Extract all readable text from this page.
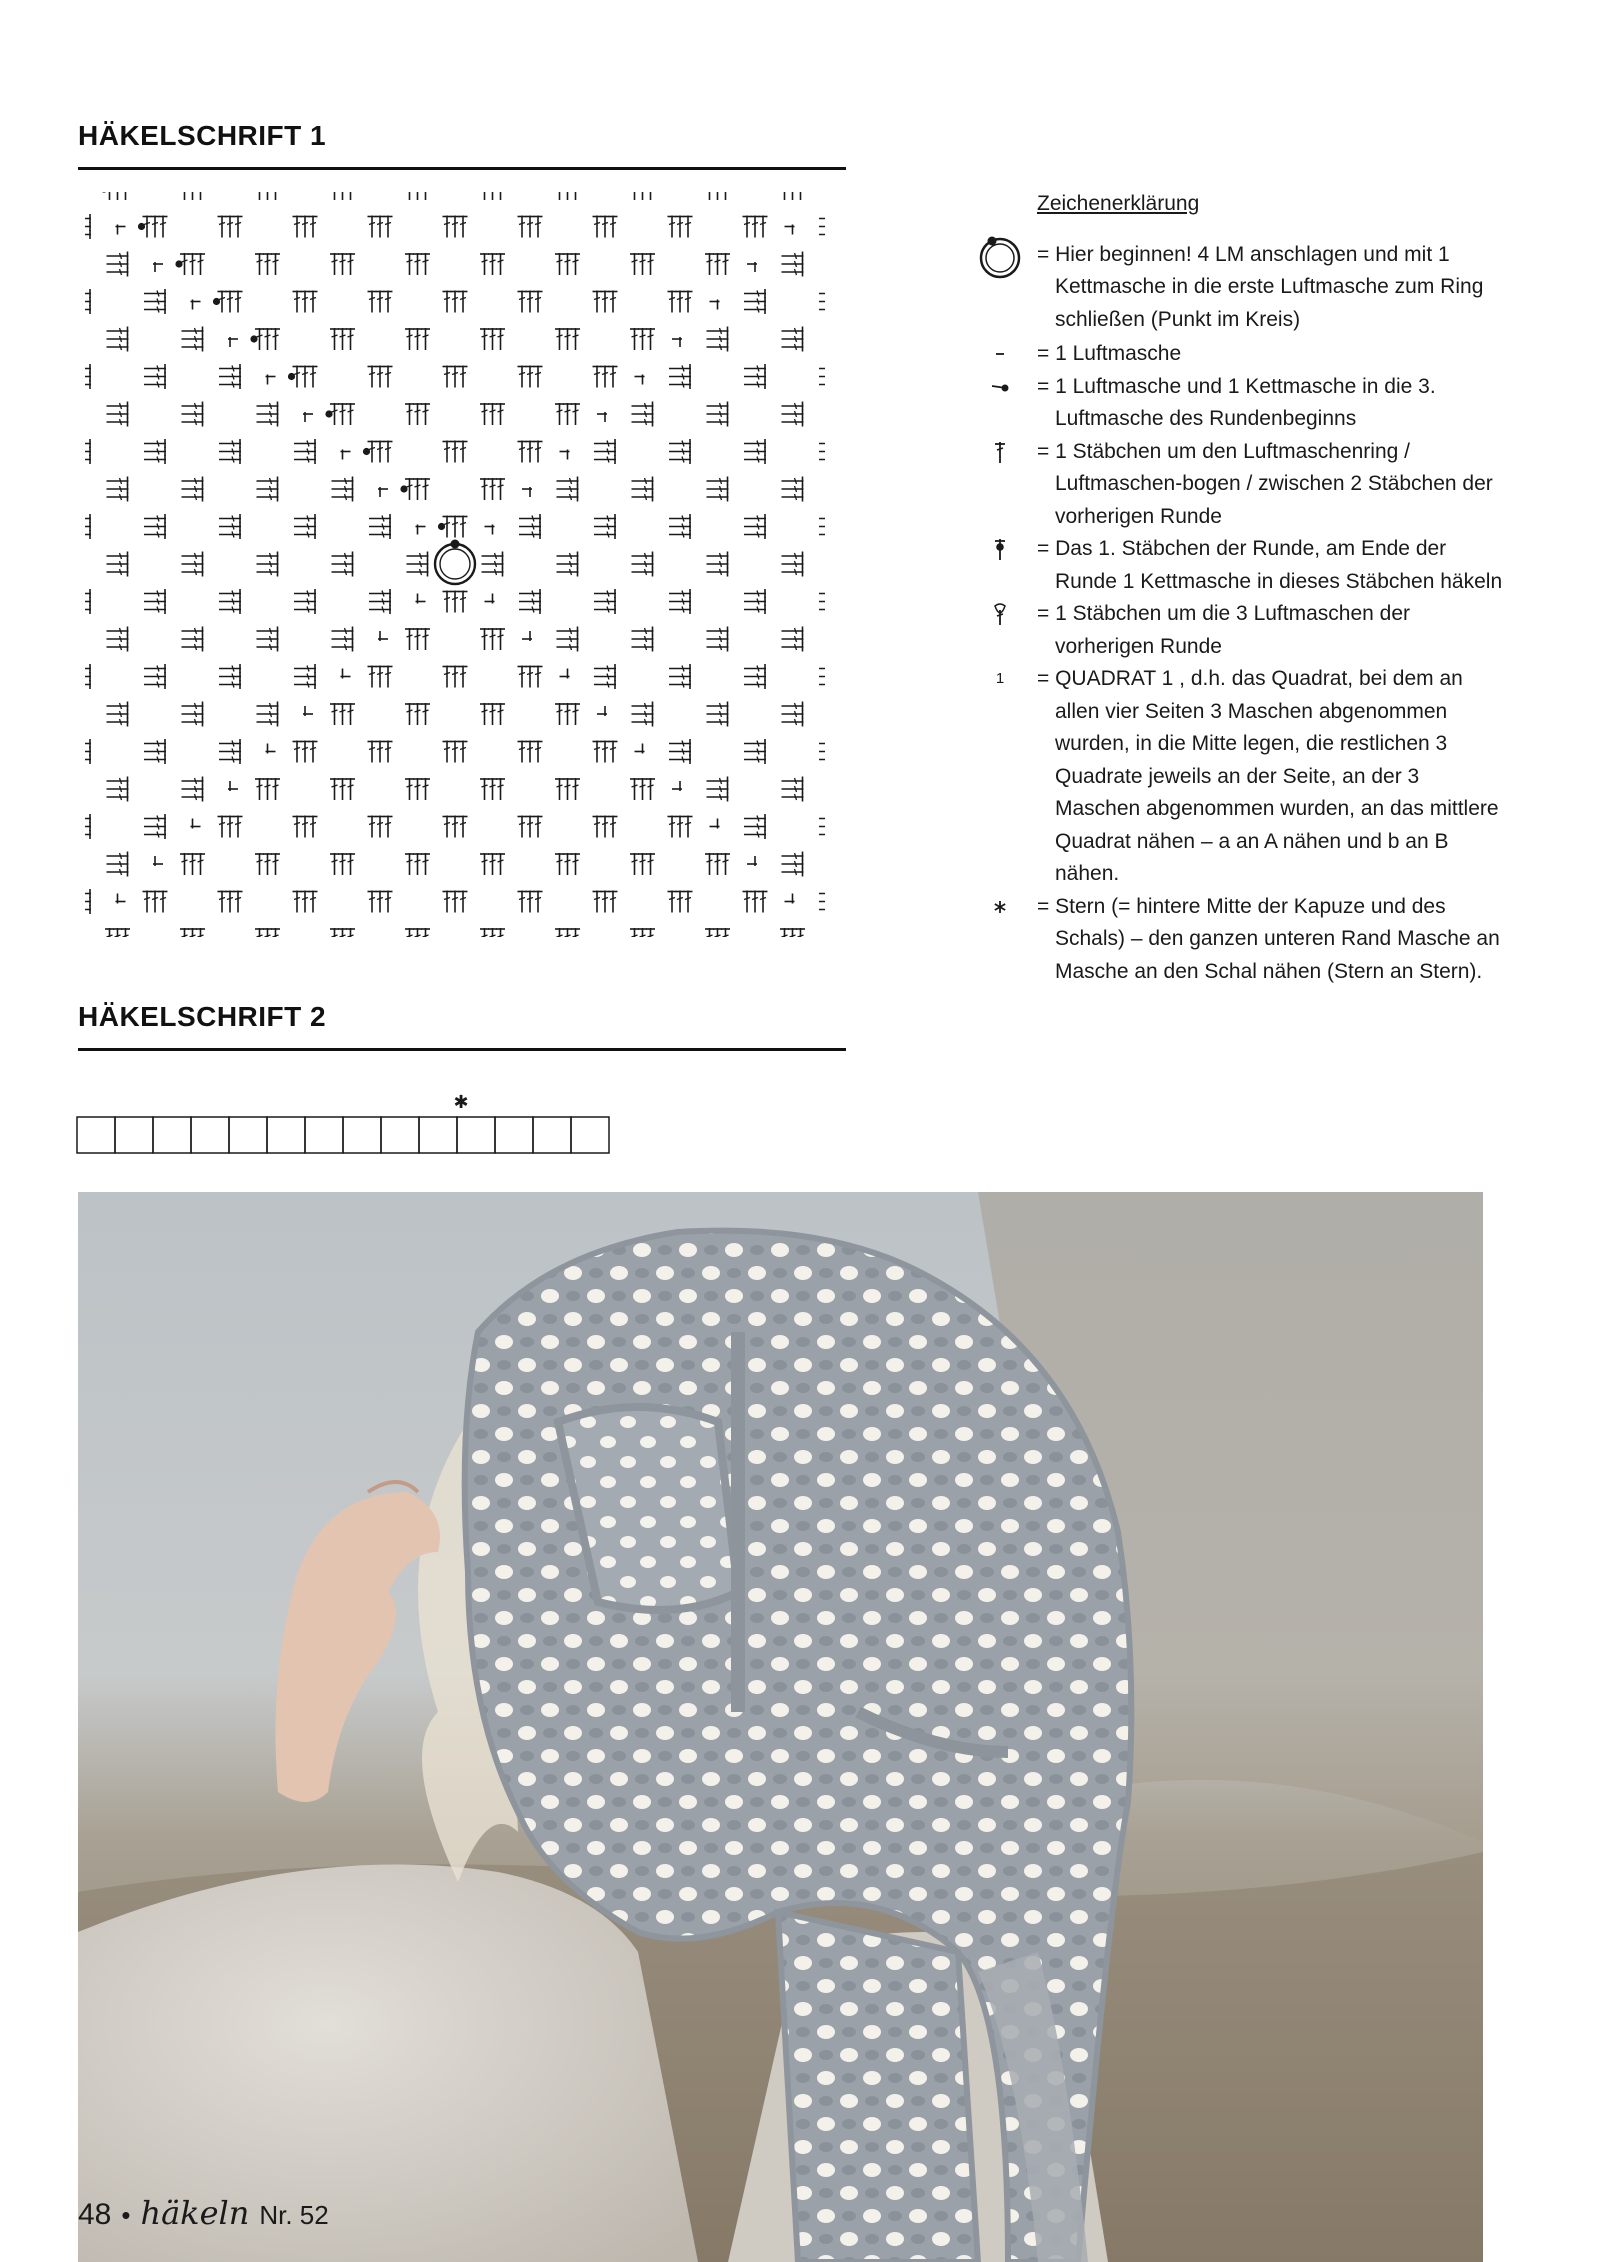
HÄKELSCHRIFT 1
HÄKELSCHRIFT 2
✱

Zeichenerklärung

= Hier beginnen! 4 LM anschlagen und mit 1 Kettmasche in die erste Luftmasche zum Ring schließen (Punkt im Kreis)
= 1 Luftmasche
= 1 Luftmasche und 1 Kettmasche in die 3. Luftmasche des Rundenbeginns
= 1 Stäbchen um den Luftmaschenring / Luftmaschen-bogen / zwischen 2 Stäbchen der vorherigen Runde
= Das 1. Stäbchen der Runde, am Ende der Runde 1 Kettmasche in dieses Stäbchen häkeln
= 1 Stäbchen um die 3 Luftmaschen der vorherigen Runde
1	= QUADRAT 1 , d.h. das Quadrat, bei dem an allen vier Seiten 3 Maschen abgenommen wurden, in die Mitte legen, die restlichen 3 Quadrate jeweils an der Seite, an der 3 Maschen abgenommen wurden, an das mittlere Quadrat nähen – a an A nähen und b an B nähen.
= Stern (= hintere Mitte der Kapuze und des Schals) – den ganzen unteren Rand Masche an Masche an den Schal nähen (Stern an Stern).
48 • häkeln Nr. 52
